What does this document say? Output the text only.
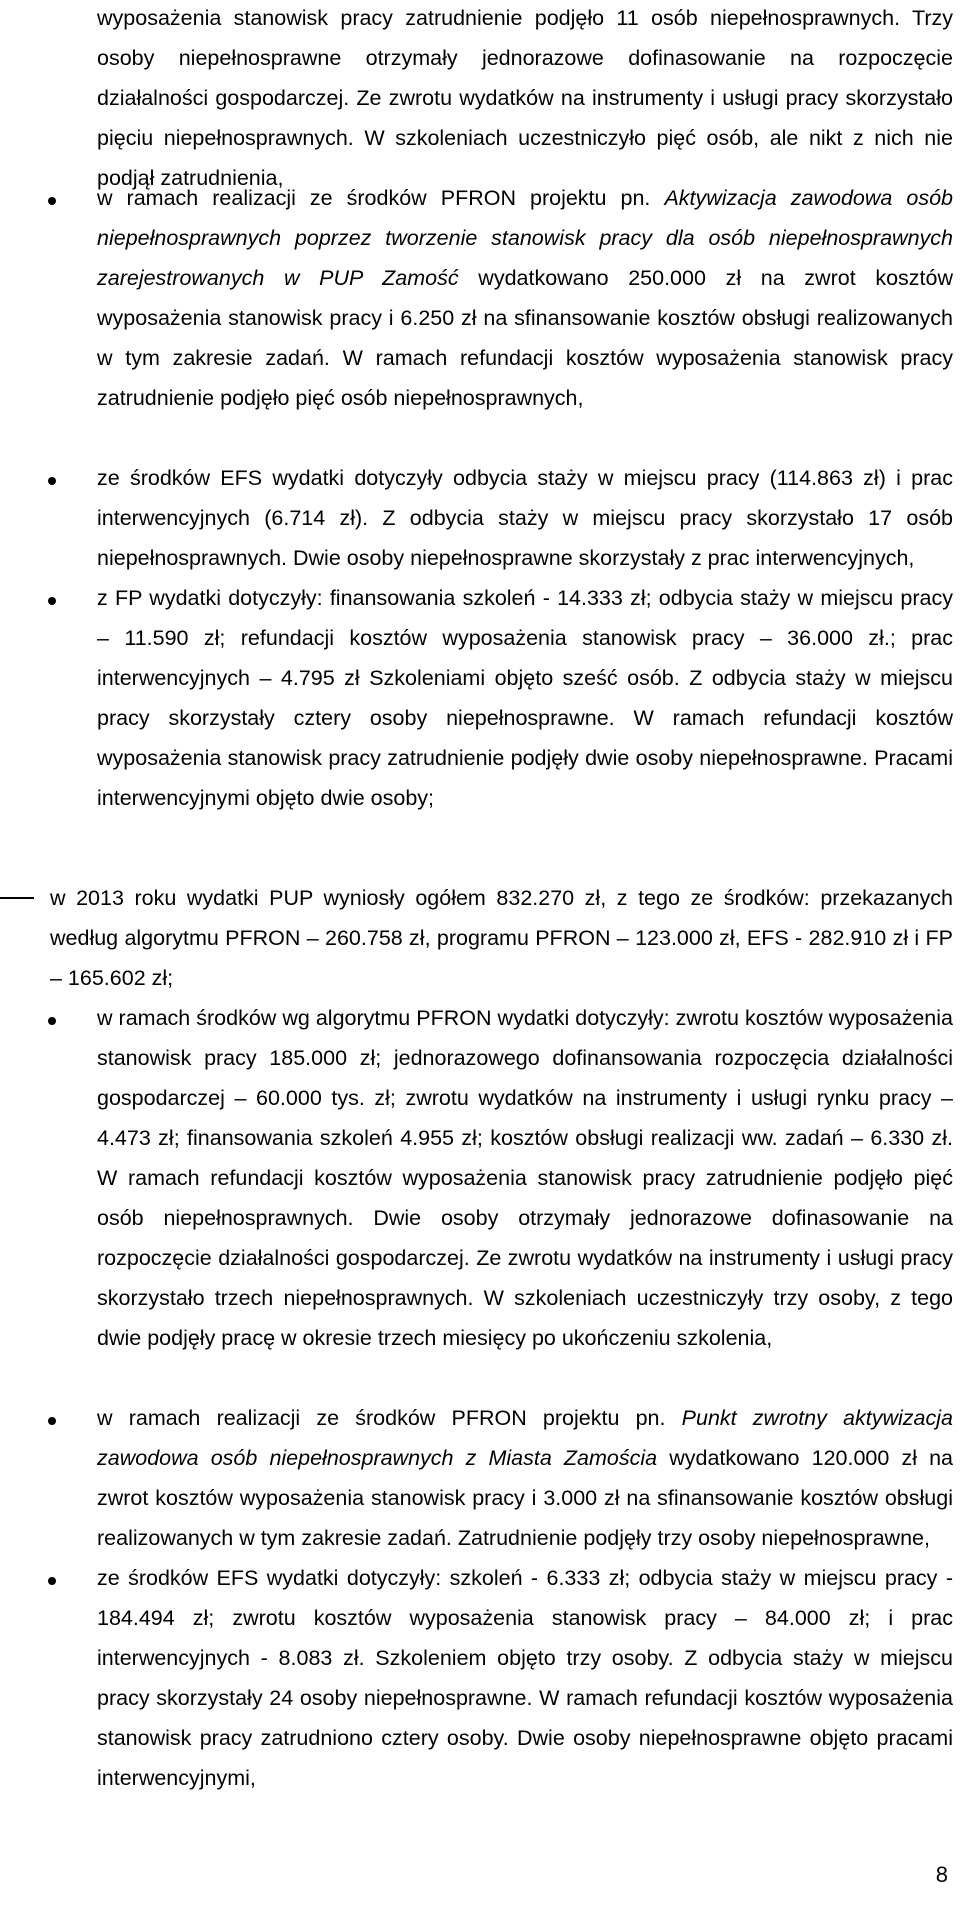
wyposażenia stanowisk pracy zatrudnienie podjęło 11 osób niepełnosprawnych. Trzy osoby niepełnosprawne otrzymały jednorazowe dofinasowanie na rozpoczęcie działalności gospodarczej. Ze zwrotu wydatków na instrumenty i usługi pracy skorzystało pięciu niepełnosprawnych. W szkoleniach uczestniczyło pięć osób, ale nikt z nich nie podjął zatrudnienia,
w ramach realizacji ze środków PFRON projektu pn. Aktywizacja zawodowa osób niepełnosprawnych poprzez tworzenie stanowisk pracy dla osób niepełnosprawnych zarejestrowanych w PUP Zamość wydatkowano 250.000 zł na zwrot kosztów wyposażenia stanowisk pracy i 6.250 zł na sfinansowanie kosztów obsługi realizowanych w tym zakresie zadań. W ramach refundacji kosztów wyposażenia stanowisk pracy zatrudnienie podjęło pięć osób niepełnosprawnych,
ze środków EFS wydatki dotyczyły odbycia staży w miejscu pracy (114.863 zł) i prac interwencyjnych (6.714 zł). Z odbycia staży w miejscu pracy skorzystało 17 osób niepełnosprawnych. Dwie osoby niepełnosprawne skorzystały z prac interwencyjnych,
z FP wydatki dotyczyły: finansowania szkoleń - 14.333 zł; odbycia staży w miejscu pracy – 11.590 zł; refundacji kosztów wyposażenia stanowisk pracy – 36.000 zł.; prac interwencyjnych – 4.795 zł Szkoleniami objęto sześć osób. Z odbycia staży w miejscu pracy skorzystały cztery osoby niepełnosprawne. W ramach refundacji kosztów wyposażenia stanowisk pracy zatrudnienie podjęły dwie osoby niepełnosprawne. Pracami interwencyjnymi objęto dwie osoby;
w 2013 roku wydatki PUP wyniosły ogółem 832.270 zł, z tego ze środków: przekazanych według algorytmu PFRON – 260.758 zł, programu PFRON – 123.000 zł, EFS - 282.910 zł i FP – 165.602 zł;
w ramach środków wg algorytmu PFRON wydatki dotyczyły: zwrotu kosztów wyposażenia stanowisk pracy 185.000 zł; jednorazowego dofinansowania rozpoczęcia działalności gospodarczej – 60.000 tys. zł; zwrotu wydatków na instrumenty i usługi rynku pracy – 4.473 zł; finansowania szkoleń 4.955 zł; kosztów obsługi realizacji ww. zadań – 6.330 zł. W ramach refundacji kosztów wyposażenia stanowisk pracy zatrudnienie podjęło pięć osób niepełnosprawnych. Dwie osoby otrzymały jednorazowe dofinasowanie na rozpoczęcie działalności gospodarczej. Ze zwrotu wydatków na instrumenty i usługi pracy skorzystało trzech niepełnosprawnych. W szkoleniach uczestniczyły trzy osoby, z tego dwie podjęły pracę w okresie trzech miesięcy po ukończeniu szkolenia,
w ramach realizacji ze środków PFRON projektu pn. Punkt zwrotny aktywizacja zawodowa osób niepełnosprawnych z Miasta Zamościa wydatkowano 120.000 zł na zwrot kosztów wyposażenia stanowisk pracy i 3.000 zł na sfinansowanie kosztów obsługi realizowanych w tym zakresie zadań. Zatrudnienie podjęły trzy osoby niepełnosprawne,
ze środków EFS wydatki dotyczyły: szkoleń - 6.333 zł; odbycia staży w miejscu pracy - 184.494 zł; zwrotu kosztów wyposażenia stanowisk pracy – 84.000 zł; i prac interwencyjnych - 8.083 zł. Szkoleniem objęto trzy osoby. Z odbycia staży w miejscu pracy skorzystały 24 osoby niepełnosprawne. W ramach refundacji kosztów wyposażenia stanowisk pracy zatrudniono cztery osoby. Dwie osoby niepełnosprawne objęto pracami interwencyjnymi,
8
